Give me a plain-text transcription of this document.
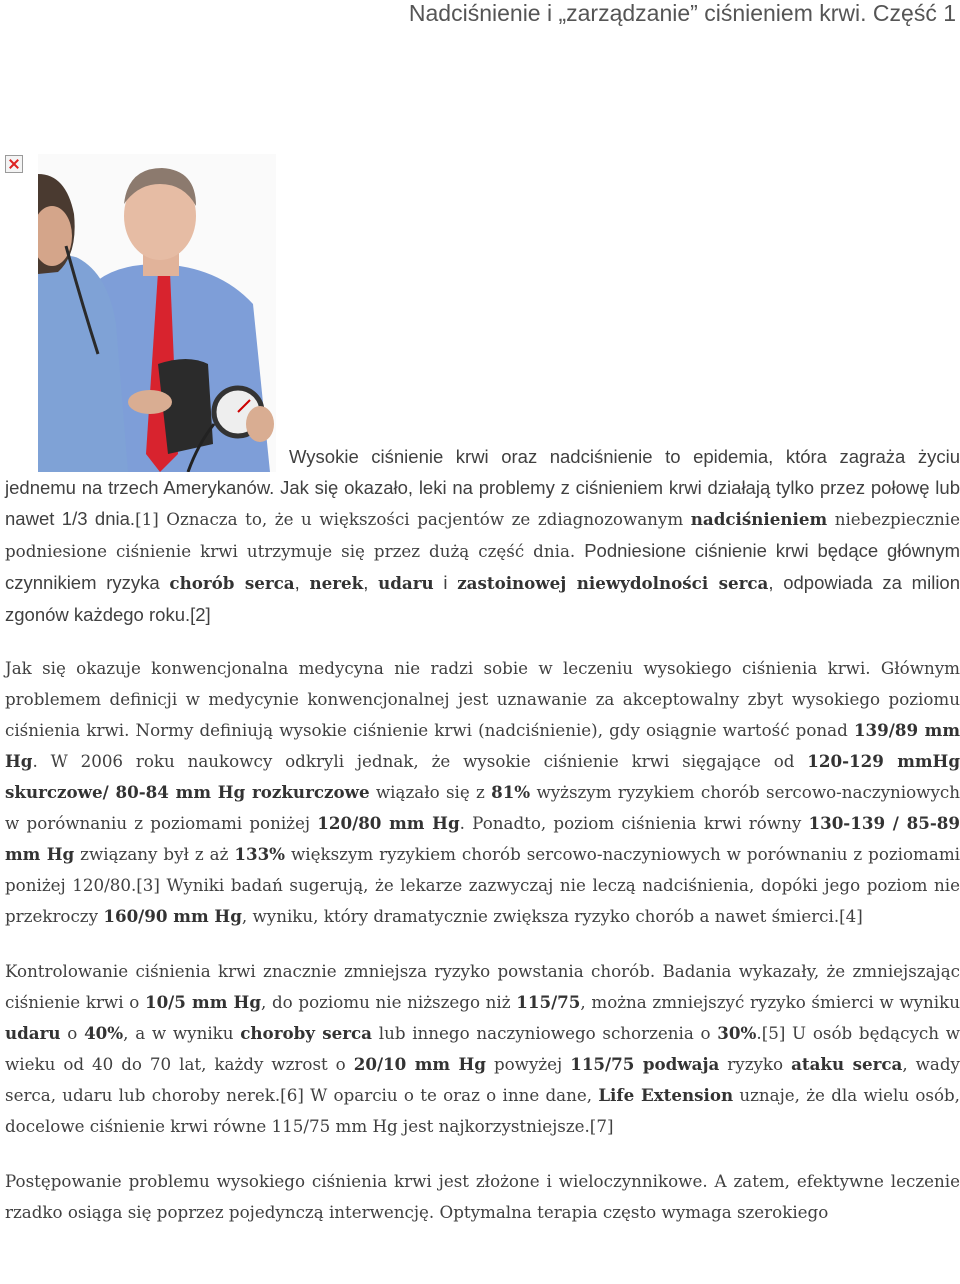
Nadciśnienie i „zarządzanie” ciśnieniem krwi. Część 1

Wysokie ciśnienie krwi oraz nadciśnienie to epidemia, która zagraża życiu jednemu na trzech Amerykanów. Jak się okazało, leki na problemy z ciśnieniem krwi działają tylko przez połowę lub nawet 1/3 dnia.[1] Oznacza to, że u większości pacjentów ze zdiagnozowanym nadciśnieniem niebezpiecznie podniesione ciśnienie krwi utrzymuje się przez dużą część dnia. Podniesione ciśnienie krwi będące głównym czynnikiem ryzyka chorób serca, nerek, udaru i zastoinowej niewydolności serca, odpowiada za milion zgonów każdego roku.[2]

Jak się okazuje konwencjonalna medycyna nie radzi sobie w leczeniu wysokiego ciśnienia krwi. Głównym problemem definicji w medycynie konwencjonalnej jest uznawanie za akceptowalny zbyt wysokiego poziomu ciśnienia krwi. Normy definiują wysokie ciśnienie krwi (nadciśnienie), gdy osiągnie wartość ponad 139/89 mm Hg. W 2006 roku naukowcy odkryli jednak, że wysokie ciśnienie krwi sięgające od 120-129 mmHg skurczowe/ 80-84 mm Hg rozkurczowe wiązało się z 81% wyższym ryzykiem chorób sercowo-naczyniowych w porównaniu z poziomami poniżej 120/80 mm Hg. Ponadto, poziom ciśnienia krwi równy 130-139 / 85-89 mm Hg związany był z aż 133% większym ryzykiem chorób sercowo-naczyniowych w porównaniu z poziomami poniżej 120/80.[3] Wyniki badań sugerują, że lekarze zazwyczaj nie leczą nadciśnienia, dopóki jego poziom nie przekroczy 160/90 mm Hg, wyniku, który dramatycznie zwiększa ryzyko chorób a nawet śmierci.[4]

Kontrolowanie ciśnienia krwi znacznie zmniejsza ryzyko powstania chorób. Badania wykazały, że zmniejszając ciśnienie krwi o 10/5 mm Hg, do poziomu nie niższego niż 115/75, można zmniejszyć ryzyko śmierci w wyniku udaru o 40%, a w wyniku choroby serca lub innego naczyniowego schorzenia o 30%.[5] U osób będących w wieku od 40 do 70 lat, każdy wzrost o 20/10 mm Hg powyżej 115/75 podwaja ryzyko ataku serca, wady serca, udaru lub choroby nerek.[6] W oparciu o te oraz o inne dane, Life Extension uznaje, że dla wielu osób, docelowe ciśnienie krwi równe 115/75 mm Hg jest najkorzystniejsze.[7]

Postępowanie problemu wysokiego ciśnienia krwi jest złożone i wieloczynnikowe. A zatem, efektywne leczenie rzadko osiąga się poprzez pojedynczą interwencję. Optymalna terapia często wymaga szerokiego
